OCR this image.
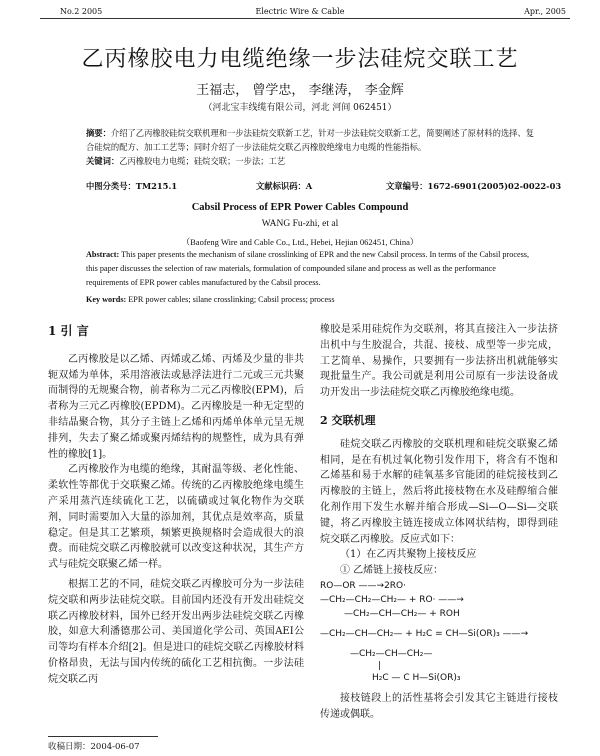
No.2 2005	Electric Wire & Cable	Apr., 2005
乙丙橡胶电力电缆绝缘一步法硅烷交联工艺
王福志， 曾学忠， 李继涛， 李金辉
（河北宝丰线缆有限公司，河北 河间 062451）
摘要：介绍了乙丙橡胶硅烷交联机理和一步法硅烷交联新工艺，针对一步法硅烷交联新工艺，简要阐述了原材料的选择、复合硅烷的配方、加工工艺等；同时介绍了一步法硅烷交联乙丙橡胶绝缘电力电缆的性能指标。
关键词：乙丙橡胶电力电缆；硅烷交联；一步法；工艺
中图分类号：TM215.1	文献标识码：A	文章编号：1672-6901(2005)02-0022-03
Cabsil Process of EPR Power Cables Compound
WANG Fu-zhi, et al
（Baofeng Wire and Cable Co., Ltd., Hebei, Hejian 062451, China）
Abstract: This paper presents the mechanism of silane crosslinking of EPR and the new Cabsil process. In terms of the Cabsil process, this paper discusses the selection of raw materials, formulation of compounded silane and process as well as the performance requirements of EPR power cables manufactured by the Cabsil process.
Key words: EPR power cables; silane crosslinking; Cabsil process; process

1 引 言

乙丙橡胶是以乙烯、丙烯或乙烯、丙烯及少量的非共轭双烯为单体，采用溶液法或悬浮法进行二元或三元共聚而制得的无规聚合物，前者称为二元乙丙橡胶(EPM)，后者称为三元乙丙橡胶(EPDM)。乙丙橡胶是一种无定型的非结晶聚合物，其分子主链上乙烯和丙烯单体单元呈无规排列，失去了聚乙烯或聚丙烯结构的规整性，成为具有弹性的橡胶[1]。

乙丙橡胶作为电缆的绝缘，其耐温等级、老化性能、柔软性等都优于交联聚乙烯。传统的乙丙橡胶绝缘电缆生产采用蒸汽连续硫化工艺，以硫磺或过氧化物作为交联剂，同时需要加入大量的添加剂，其优点是效率高，质量稳定。但是其工艺繁琐，频繁更换规格时会造成很大的浪费。而硅烷交联乙丙橡胶就可以改变这种状况，其生产方式与硅烷交联聚乙烯一样。

根据工艺的不同，硅烷交联乙丙橡胶可分为一步法硅烷交联和两步法硅烷交联。目前国内还没有开发出硅烷交联乙丙橡胶材料，国外已经开发出两步法硅烷交联乙丙橡胶，如意大利潘德那公司、美国道化学公司、英国AEI公司等均有样本介绍[2]。但是进口的硅烷交联乙丙橡胶材料价格昂贵，无法与国内传统的硫化工艺相抗衡。一步法硅烷交联乙丙

收稿日期：2004-06-07

橡胶是采用硅烷作为交联剂，将其直接注入一步法挤出机中与生胶混合，共混、接枝、成型等一步完成，工艺简单、易操作，只要拥有一步法挤出机就能够实现批量生产。我公司就是利用公司原有一步法设备成功开发出一步法硅烷交联乙丙橡胶绝缘电缆。

2 交联机理

硅烷交联乙丙橡胶的交联机理和硅烷交联聚乙烯相同，是在有机过氧化物引发作用下，将含有不饱和乙烯基和易于水解的硅氧基多官能团的硅烷接枝到乙丙橡胶的主链上，然后将此接枝物在水及硅醇缩合催化剂作用下发生水解并缩合形成—Si—O—Si—交联键，将乙丙橡胶主链连接成立体网状结构，即得到硅烷交联乙丙橡胶。反应式如下：

（1）在乙丙共聚物上接枝反应

① 乙烯链上接枝反应：

RO—OR ——→2RO·
—CH₂—CH₂—CH₂— + RO· ——→
—CH₂—CH—CH₂— + ROH
—CH₂—CH—CH₂— + H₂C = CH—Si(OR)₃ ——→
—CH₂—CH—CH₂—
|
H₂C — C H—Si(OR)₃

接枝链段上的活性基将会引发其它主链进行接枝传递或偶联。
